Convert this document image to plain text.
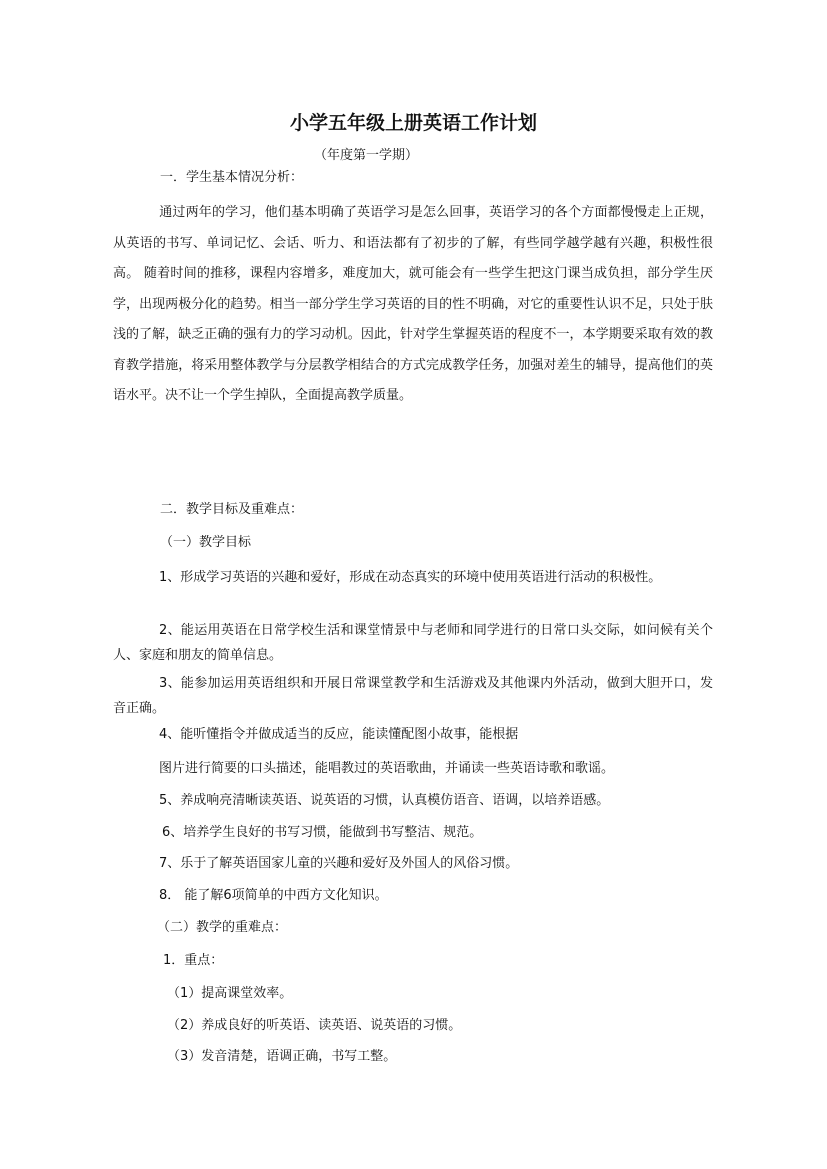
小学五年级上册英语工作计划
（年度第一学期）
一．学生基本情况分析：
通过两年的学习，他们基本明确了英语学习是怎么回事，英语学习的各个方面都慢慢走上正规，从英语的书写、单词记忆、会话、听力、和语法都有了初步的了解，有些同学越学越有兴趣，积极性很高。 随着时间的推移，课程内容增多，难度加大，就可能会有一些学生把这门课当成负担，部分学生厌学，出现两极分化的趋势。相当一部分学生学习英语的目的性不明确，对它的重要性认识不足，只处于肤浅的了解，缺乏正确的强有力的学习动机。因此，针对学生掌握英语的程度不一，本学期要采取有效的教育教学措施，将采用整体教学与分层教学相结合的方式完成教学任务，加强对差生的辅导，提高他们的英语水平。决不让一个学生掉队，全面提高教学质量。
二．教学目标及重难点：
（一）教学目标
1、形成学习英语的兴趣和爱好，形成在动态真实的环境中使用英语进行活动的积极性。
2、能运用英语在日常学校生活和课堂情景中与老师和同学进行的日常口头交际，如问候有关个人、家庭和朋友的简单信息。
3、能参加运用英语组织和开展日常课堂教学和生活游戏及其他课内外活动，做到大胆开口，发音正确。
4、能听懂指令并做成适当的反应，能读懂配图小故事，能根据
图片进行简要的口头描述，能唱教过的英语歌曲，并诵读一些英语诗歌和歌谣。
5、养成响亮清晰读英语、说英语的习惯，认真模仿语音、语调，以培养语感。
6、培养学生良好的书写习惯，能做到书写整洁、规范。
7、乐于了解英语国家儿童的兴趣和爱好及外国人的风俗习惯。
8． 能了解6项简单的中西方文化知识。
（二）教学的重难点：
1．重点：
（1）提高课堂效率。
（2）养成良好的听英语、读英语、说英语的习惯。
（3）发音清楚，语调正确，书写工整。
